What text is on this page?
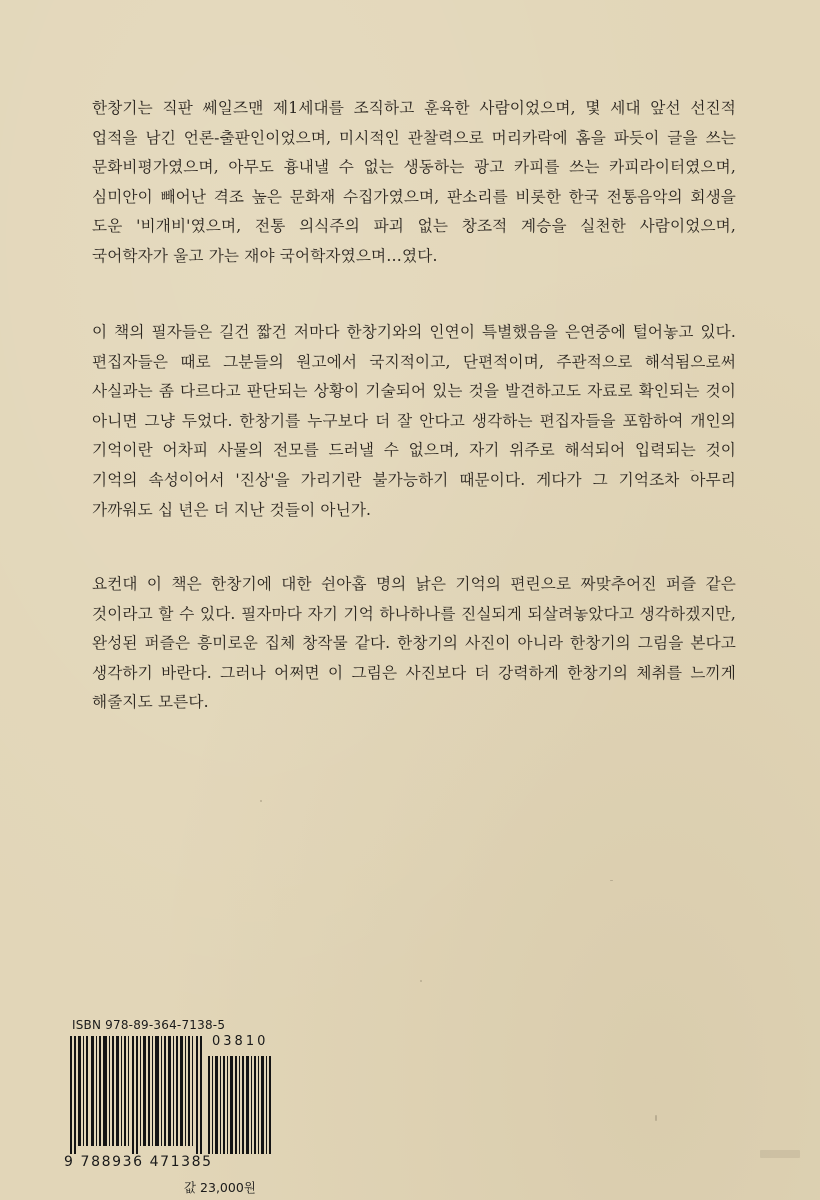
한창기는 직판 쎄일즈맨 제1세대를 조직하고 훈육한 사람이었으며, 몇 세대 앞선 선진적 업적을 남긴 언론-출판인이었으며, 미시적인 관찰력으로 머리카락에 홈을 파듯이 글을 쓰는 문화비평가였으며, 아무도 흉내낼 수 없는 생동하는 광고 카피를 쓰는 카피라이터였으며, 심미안이 빼어난 격조 높은 문화재 수집가였으며, 판소리를 비롯한 한국 전통음악의 회생을 도운 '비개비'였으며, 전통 의식주의 파괴 없는 창조적 계승을 실천한 사람이었으며, 국어학자가 울고 가는 재야 국어학자였으며…였다.

이 책의 필자들은 길건 짧건 저마다 한창기와의 인연이 특별했음을 은연중에 털어놓고 있다. 편집자들은 때로 그분들의 원고에서 국지적이고, 단편적이며, 주관적으로 해석됨으로써 사실과는 좀 다르다고 판단되는 상황이 기술되어 있는 것을 발견하고도 자료로 확인되는 것이 아니면 그냥 두었다. 한창기를 누구보다 더 잘 안다고 생각하는 편집자들을 포함하여 개인의 기억이란 어차피 사물의 전모를 드러낼 수 없으며, 자기 위주로 해석되어 입력되는 것이 기억의 속성이어서 '진상'을 가리기란 불가능하기 때문이다. 게다가 그 기억조차 아무리 가까워도 십 년은 더 지난 것들이 아닌가.

요컨대 이 책은 한창기에 대한 쉰아홉 명의 낡은 기억의 편린으로 짜맞추어진 퍼즐 같은 것이라고 할 수 있다. 필자마다 자기 기억 하나하나를 진실되게 되살려놓았다고 생각하겠지만, 완성된 퍼즐은 흥미로운 집체 창작물 같다. 한창기의 사진이 아니라 한창기의 그림을 본다고 생각하기 바란다. 그러나 어쩌면 이 그림은 사진보다 더 강력하게 한창기의 체취를 느끼게 해줄지도 모른다.

ISBN 978-89-364-7138-5
03810
9 788936 471385
값 23,000원
